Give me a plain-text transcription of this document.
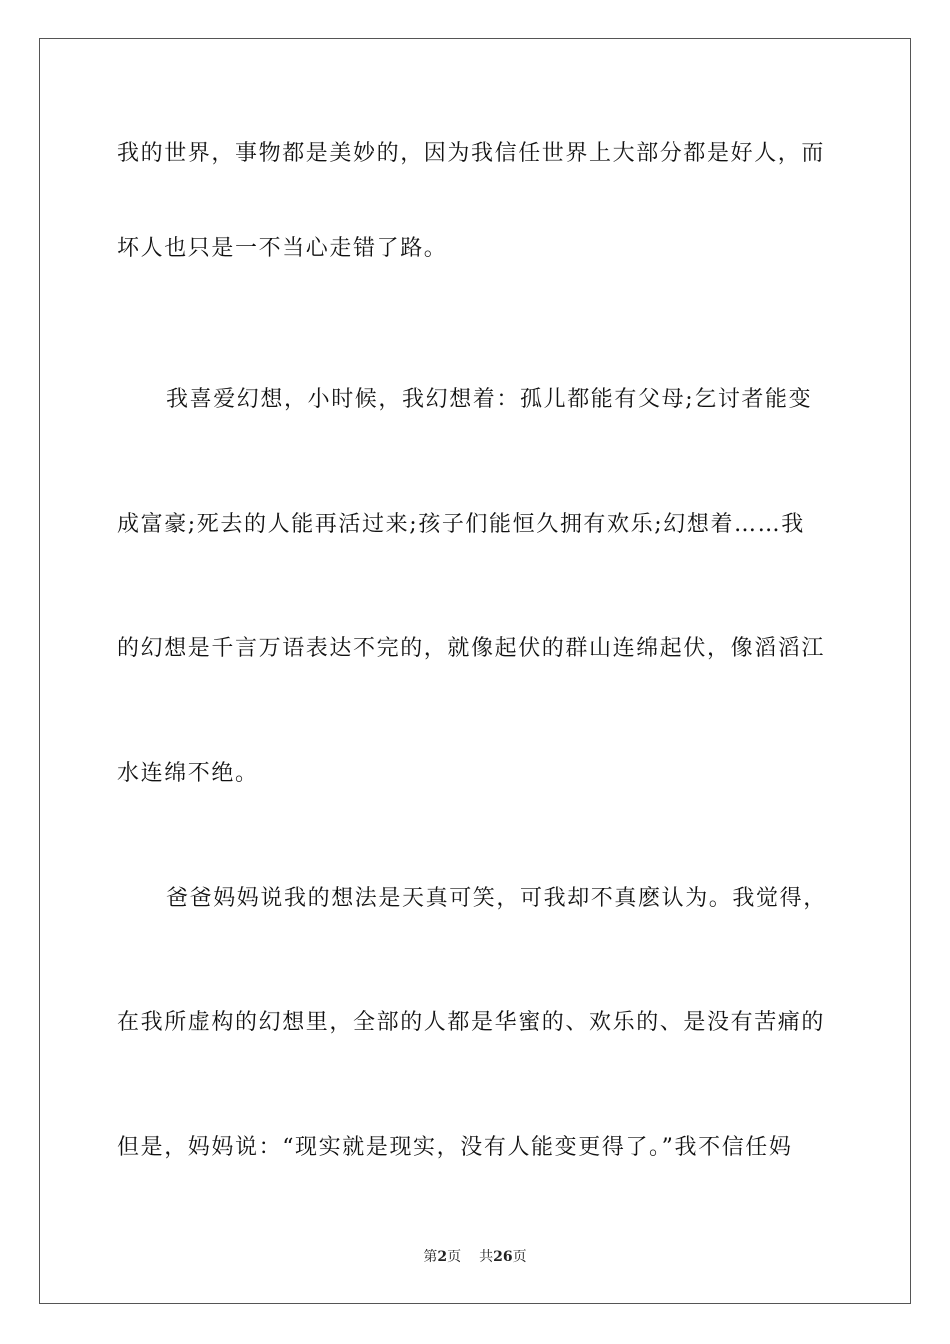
我的世界，事物都是美妙的，因为我信任世界上大部分都是好人，而
坏人也只是一不当心走错了路。
我喜爱幻想，小时候，我幻想着：孤儿都能有父母;乞讨者能变
成富豪;死去的人能再活过来;孩子们能恒久拥有欢乐;幻想着……我
的幻想是千言万语表达不完的，就像起伏的群山连绵起伏，像滔滔江
水连绵不绝。
爸爸妈妈说我的想法是天真可笑，可我却不真麽认为。我觉得，
在我所虚构的幻想里，全部的人都是华蜜的、欢乐的、是没有苦痛的
但是，妈妈说：“现实就是现实，没有人能变更得了。”我不信任妈
第2页 共26页
